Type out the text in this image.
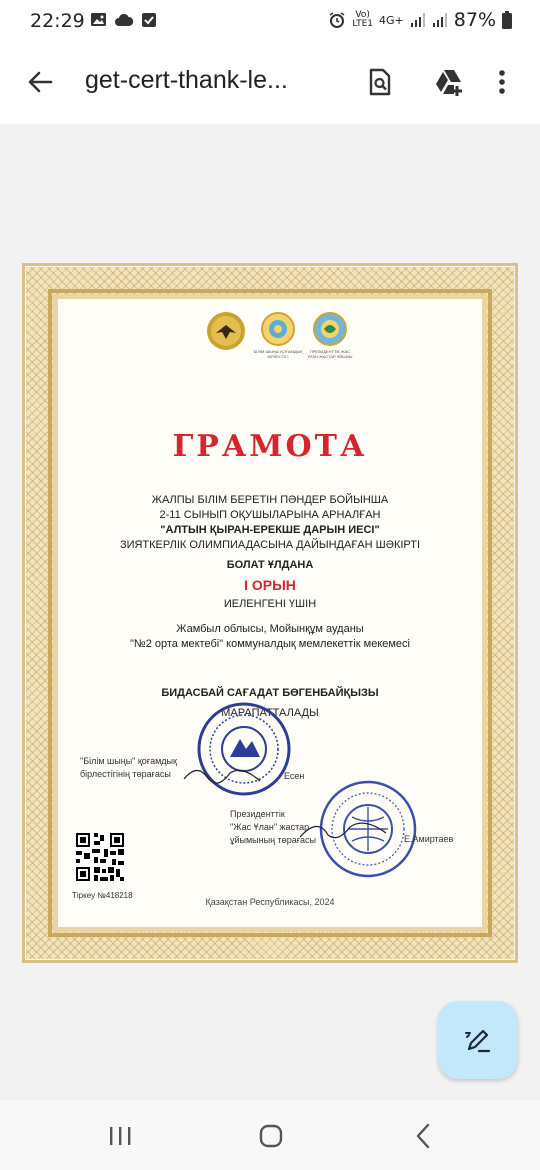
22:29	Vo)
LTE1 4G+	87%
get-cert-thank-le...
БІЛІМ ШЫҢЫ ҚОҒАМДЫҚ БІРЛЕСТІГІ
ПРЕЗИДЕНТТІК ЖАС ҰЛАН ЖАСТАР ҰЙЫМЫ
ГРАМОТА
ЖАЛПЫ БІЛІМ БЕРЕТІН ПӘНДЕР БОЙЫНША
2-11 СЫНЫП ОҚУШЫЛАРЫНА АРНАЛҒАН
"АЛТЫН ҚЫРАН-ЕРЕКШЕ ДАРЫН ИЕСІ"
ЗИЯТКЕРЛІК ОЛИМПИАДАСЫНА ДАЙЫНДАҒАН ШӘКІРТІ
БОЛАТ ҰЛДАНА
І ОРЫН
ИЕЛЕНГЕНІ ҮШІН
Жамбыл облысы, Мойынқұм ауданы
"№2 орта мектебі" коммуналдық мемлекеттік мекемесі
БИДАСБАЙ САҒАДАТ БӨГЕНБАЙҚЫЗЫ
МАРАПАТТАЛАДЫ
"Білім шыңы" қоғамдық
бірлестігінің төрағасы	Есен
Президенттік
"Жас Ұлан" жастар
ұйымының төрағасы	Е.Амиртаев
Тіркеу №418218
Қазақстан Республикасы, 2024
